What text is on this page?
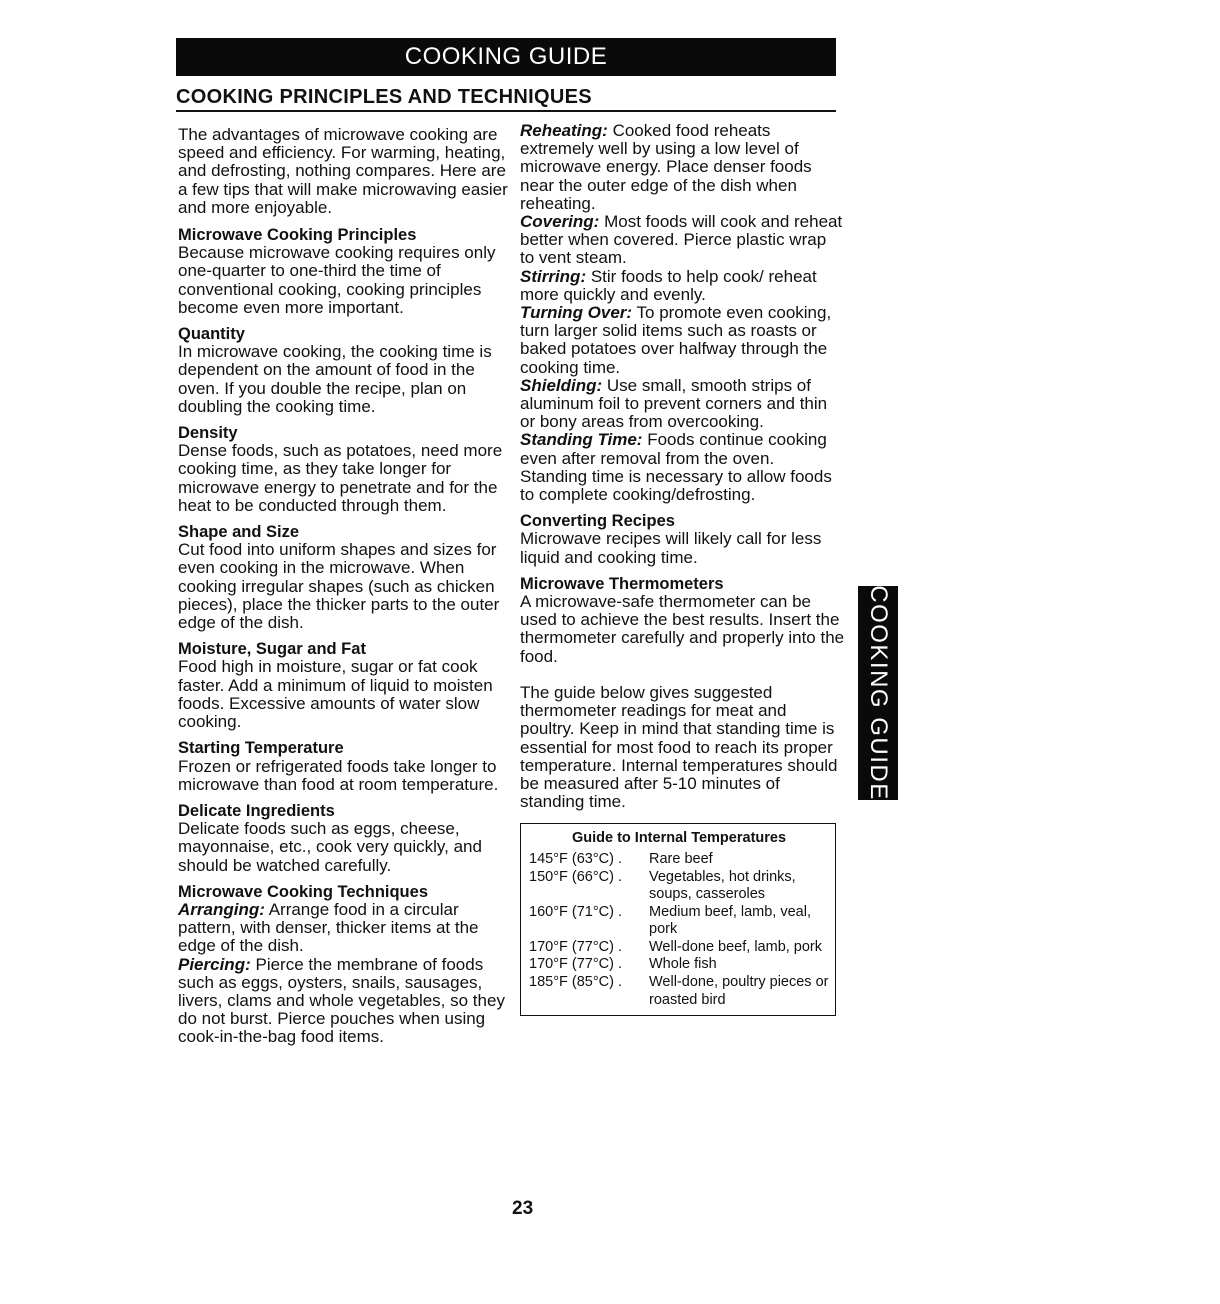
COOKING GUIDE
COOKING PRINCIPLES AND TECHNIQUES

The advantages of microwave cooking are speed and efficiency. For warming, heating, and defrosting, nothing compares. Here are a few tips that will make microwaving easier and more enjoyable.

Microwave Cooking Principles
Because microwave cooking requires only one-quarter to one-third the time of conventional cooking, cooking principles become even more important.
Quantity
In microwave cooking, the cooking time is dependent on the amount of food in the oven. If you double the recipe, plan on doubling the cooking time.
Density
Dense foods, such as potatoes, need more cooking time, as they take longer for microwave energy to penetrate and for the heat to be conducted through them.
Shape and Size
Cut food into uniform shapes and sizes for even cooking in the microwave. When cooking irregular shapes (such as chicken pieces), place the thicker parts to the outer edge of the dish.
Moisture, Sugar and Fat
Food high in moisture, sugar or fat cook faster. Add a minimum of liquid to moisten foods. Excessive amounts of water slow cooking.
Starting Temperature
Frozen or refrigerated foods take longer to microwave than food at room temperature.
Delicate Ingredients
Delicate foods such as eggs, cheese, mayonnaise, etc., cook very quickly, and should be watched carefully.
Microwave Cooking Techniques
Arranging: Arrange food in a circular pattern, with denser, thicker items at the edge of the dish.
Piercing: Pierce the membrane of foods such as eggs, oysters, snails, sausages, livers, clams and whole vegetables, so they do not burst. Pierce pouches when using cook-in-the-bag food items.
Reheating: Cooked food reheats extremely well by using a low level of microwave energy. Place denser foods near the outer edge of the dish when reheating.
Covering: Most foods will cook and reheat better when covered. Pierce plastic wrap to vent steam.
Stirring: Stir foods to help cook/ reheat more quickly and evenly.
Turning Over: To promote even cooking, turn larger solid items such as roasts or baked potatoes over halfway through the cooking time.
Shielding: Use small, smooth strips of aluminum foil to prevent corners and thin or bony areas from overcooking.
Standing Time: Foods continue cooking even after removal from the oven. Standing time is necessary to allow foods to complete cooking/defrosting.
Converting Recipes
Microwave recipes will likely call for less liquid and cooking time.
Microwave Thermometers
A microwave-safe thermometer can be used to achieve the best results. Insert the thermometer carefully and properly into the food.

The guide below gives suggested thermometer readings for meat and poultry. Keep in mind that standing time is essential for most food to reach its proper temperature. Internal temperatures should be measured after 5-10 minutes of standing time.

Guide to Internal Temperatures
145°F (63°C) .	Rare beef
150°F (66°C) .	Vegetables, hot drinks, soups, casseroles
160°F (71°C) .	Medium beef, lamb, veal, pork
170°F (77°C) .	Well-done beef, lamb, pork
170°F (77°C) .	Whole fish
185°F (85°C) .	Well-done, poultry pieces or roasted bird
COOKING GUIDE
23
